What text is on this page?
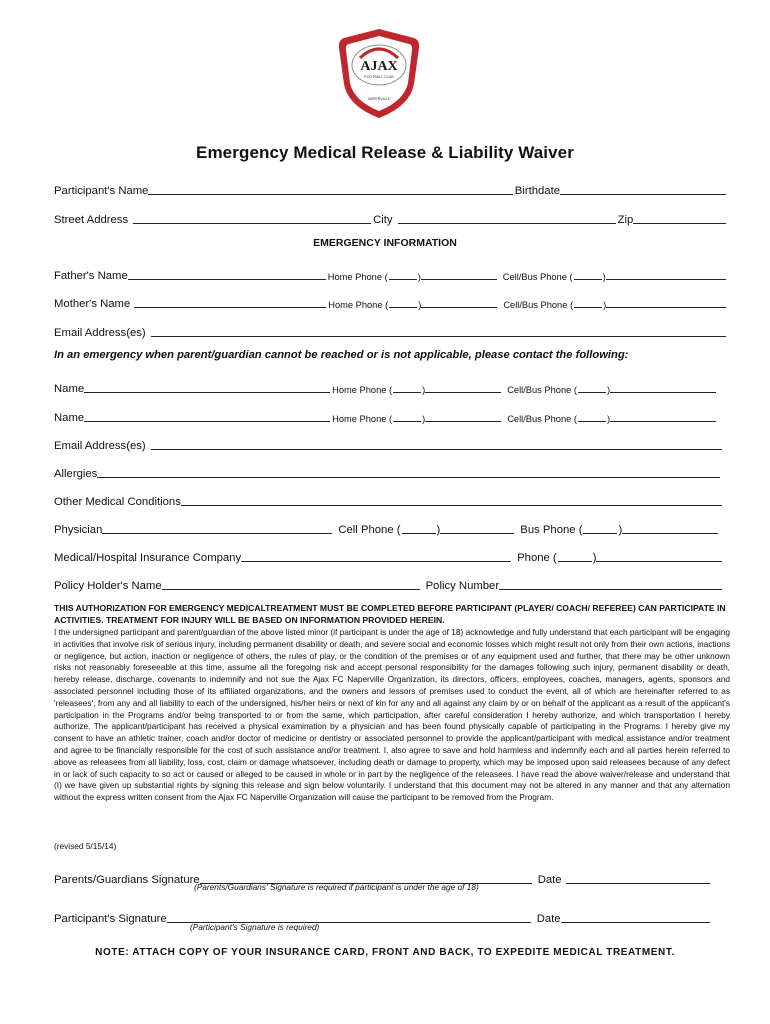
AJAX
FOOTBALL CLUB
NAPERVILLE
Emergency Medical Release & Liability Waiver
Participant's Name	Birthdate
Street Address	City	Zip
EMERGENCY INFORMATION
Father's Name	Home Phone (	)	Cell/Bus Phone (	)
Mother's Name	Home Phone (	)	Cell/Bus Phone (	)
Email Address(es)
In an emergency when parent/guardian cannot be reached or is not applicable, please contact the following:
Name	Home Phone (	)	Cell/Bus Phone (	)
Name	Home Phone (	)	Cell/Bus Phone (	)
Email Address(es)
Allergies
Other Medical Conditions
Physician	Cell Phone (	)	Bus Phone (	)
Medical/Hospital Insurance Company	Phone (	)
Policy Holder's Name	Policy Number
THIS AUTHORIZATION FOR EMERGENCY MEDICALTREATMENT MUST BE COMPLETED BEFORE PARTICIPANT (PLAYER/ COACH/ REFEREE) CAN PARTICIPATE IN ACTIVITIES. TREATMENT FOR INJURY WILL BE BASED ON INFORMATION PROVIDED HEREIN.
I the undersigned participant and parent/guardian of the above listed minor (if participant is under the age of 18) acknowledge and fully understand that each participant will be engaging in activities that involve risk of serious injury, including permanent disability or death, and severe social and economic losses which might result not only from their own actions, inactions or negligence, but action, inaction or negligence of others, the rules of play, or the condition of the premises or of any equipment used and further, that there may be other unknown risks not reasonably foreseeable at this time, assume all the foregoing risk and accept personal responsibility for the damages following such injury, permanent disability or death, hereby release, discharge, covenants to indemnify and not sue the Ajax FC Naperville Organization, its directors, officers, employees, coaches, managers, agents, sponsors and associated personnel including those of its affiliated organizations, and the owners and lessors of premises used to conduct the event, all of which are hereinafter referred to as 'releasees', from any and all liability to each of the undersigned, his/her heirs or next of kin for any and all against any claim by or on behalf of the applicant as a result of the applicant's participation in the Programs and/or being transported to or from the same, which participation, after careful consideration I hereby authorize, and which transportation I hereby authorize. The applicant/participant has received a physical examination by a physician and has been found physically capable of participating in the Programs. I hereby give my consent to have an athletic trainer, coach and/or doctor of medicine or dentistry or associated personnel to provide the applicant/participant with medical assistance and/or treatment and agree to be financially responsible for the cost of such assistance and/or treatment. I, also agree to save and hold harmless and indemnify each and all parties herein referred to above as releasees from all liability, loss, cost, claim or damage whatsoever, including death or damage to property, which may be imposed upon said releasees because of any defect in or lack of such capacity to so act or caused or alleged to be caused in whole or in part by the negligence of the releasees. I have read the above waiver/release and understand that (I) we have given up substantial rights by signing this release and sign below voluntarily. I understand that this document may not be altered in any manner and that any alternation without the express written consent from the Ajax FC Naperville Organization will cause the participant to be removed from the Program.
(revised 5/15/14)
Parents/Guardians Signature	Date
(Parents/Guardians' Signature is required if participant is under the age of 18)
Participant's Signature	Date
(Participant's Signature is required)
NOTE: ATTACH COPY OF YOUR INSURANCE CARD, FRONT AND BACK, TO EXPEDITE MEDICAL TREATMENT.
